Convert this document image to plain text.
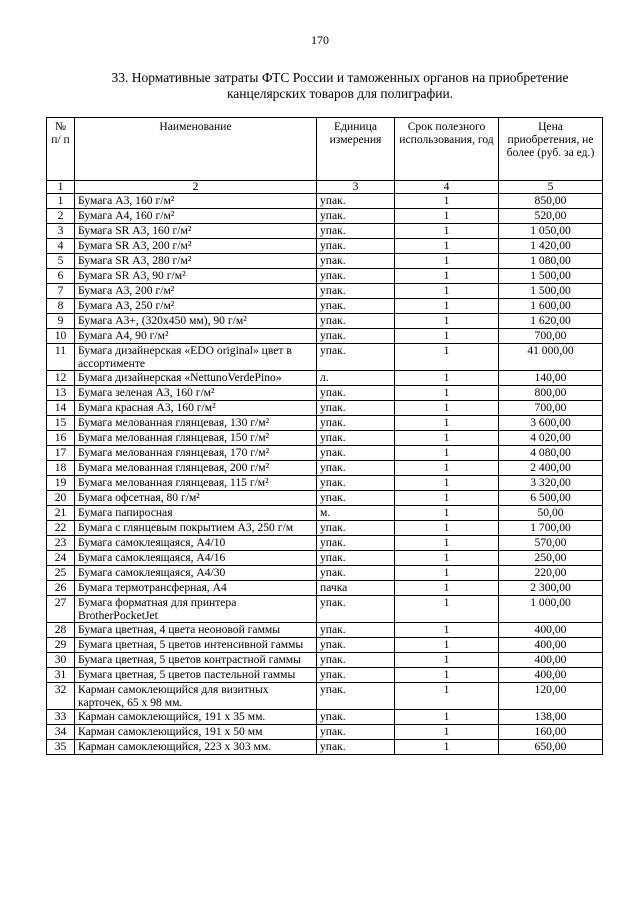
170
33. Нормативные затраты ФТС России и таможенных органов на приобретение
канцелярских товаров для полиграфии.
№ п/ п	Наименование	Единица измерения	Срок полезного использования, год	Цена приобретения, не более (руб. за ед.)
1	2	3	4	5
1	Бумага А3, 160 г/м²	упак.	1	850,00
2	Бумага А4, 160 г/м²	упак.	1	520,00
3	Бумага SR А3, 160 г/м²	упак.	1	1 050,00
4	Бумага SR А3, 200 г/м²	упак.	1	1 420,00
5	Бумага SR А3, 280 г/м²	упак.	1	1 080,00
6	Бумага SR А3, 90 г/м²	упак.	1	1 500,00
7	Бумага А3, 200 г/м²	упак.	1	1 500,00
8	Бумага А3, 250 г/м²	упак.	1	1 600,00
9	Бумага А3+, (320х450 мм), 90 г/м²	упак.	1	1 620,00
10	Бумага А4, 90 г/м²	упак.	1	700,00
11	Бумага дизайнерская «EDO original» цвет в ассортименте	упак.	1	41 000,00
12	Бумага дизайнерская «NettunoVerdePino»	л.	1	140,00
13	Бумага зеленая А3, 160 г/м²	упак.	1	800,00
14	Бумага красная А3, 160 г/м²	упак.	1	700,00
15	Бумага мелованная глянцевая, 130 г/м²	упак.	1	3 600,00
16	Бумага мелованная глянцевая, 150 г/м²	упак.	1	4 020,00
17	Бумага мелованная глянцевая, 170 г/м²	упак.	1	4 080,00
18	Бумага мелованная глянцевая, 200 г/м²	упак.	1	2 400,00
19	Бумага мелованная глянцевая, 115 г/м²	упак.	1	3 320,00
20	Бумага офсетная, 80 г/м²	упак.	1	6 500,00
21	Бумага папиросная	м.	1	50,00
22	Бумага с глянцевым покрытием А3, 250 г/м	упак.	1	1 700,00
23	Бумага самоклеящаяся, А4/10	упак.	1	570,00
24	Бумага самоклеящаяся, А4/16	упак.	1	250,00
25	Бумага самоклеящаяся, А4/30	упак.	1	220,00
26	Бумага термотрансферная, А4	пачка	1	2 300,00
27	Бумага форматная для принтера BrotherPocketJet	упак.	1	1 000,00
28	Бумага цветная, 4 цвета неоновой гаммы	упак.	1	400,00
29	Бумага цветная, 5 цветов интенсивной гаммы	упак.	1	400,00
30	Бумага цветная, 5 цветов контрастной гаммы	упак.	1	400,00
31	Бумага цветная, 5 цветов пастельной гаммы	упак.	1	400,00
32	Карман самоклеющийся для визитных карточек, 65 x 98 мм.	упак.	1	120,00
33	Карман самоклеющийся, 191 x 35 мм.	упак.	1	138,00
34	Карман самоклеющийся, 191 x 50 мм	упак.	1	160,00
35	Карман самоклеющийся, 223 x 303 мм.	упак.	1	650,00
